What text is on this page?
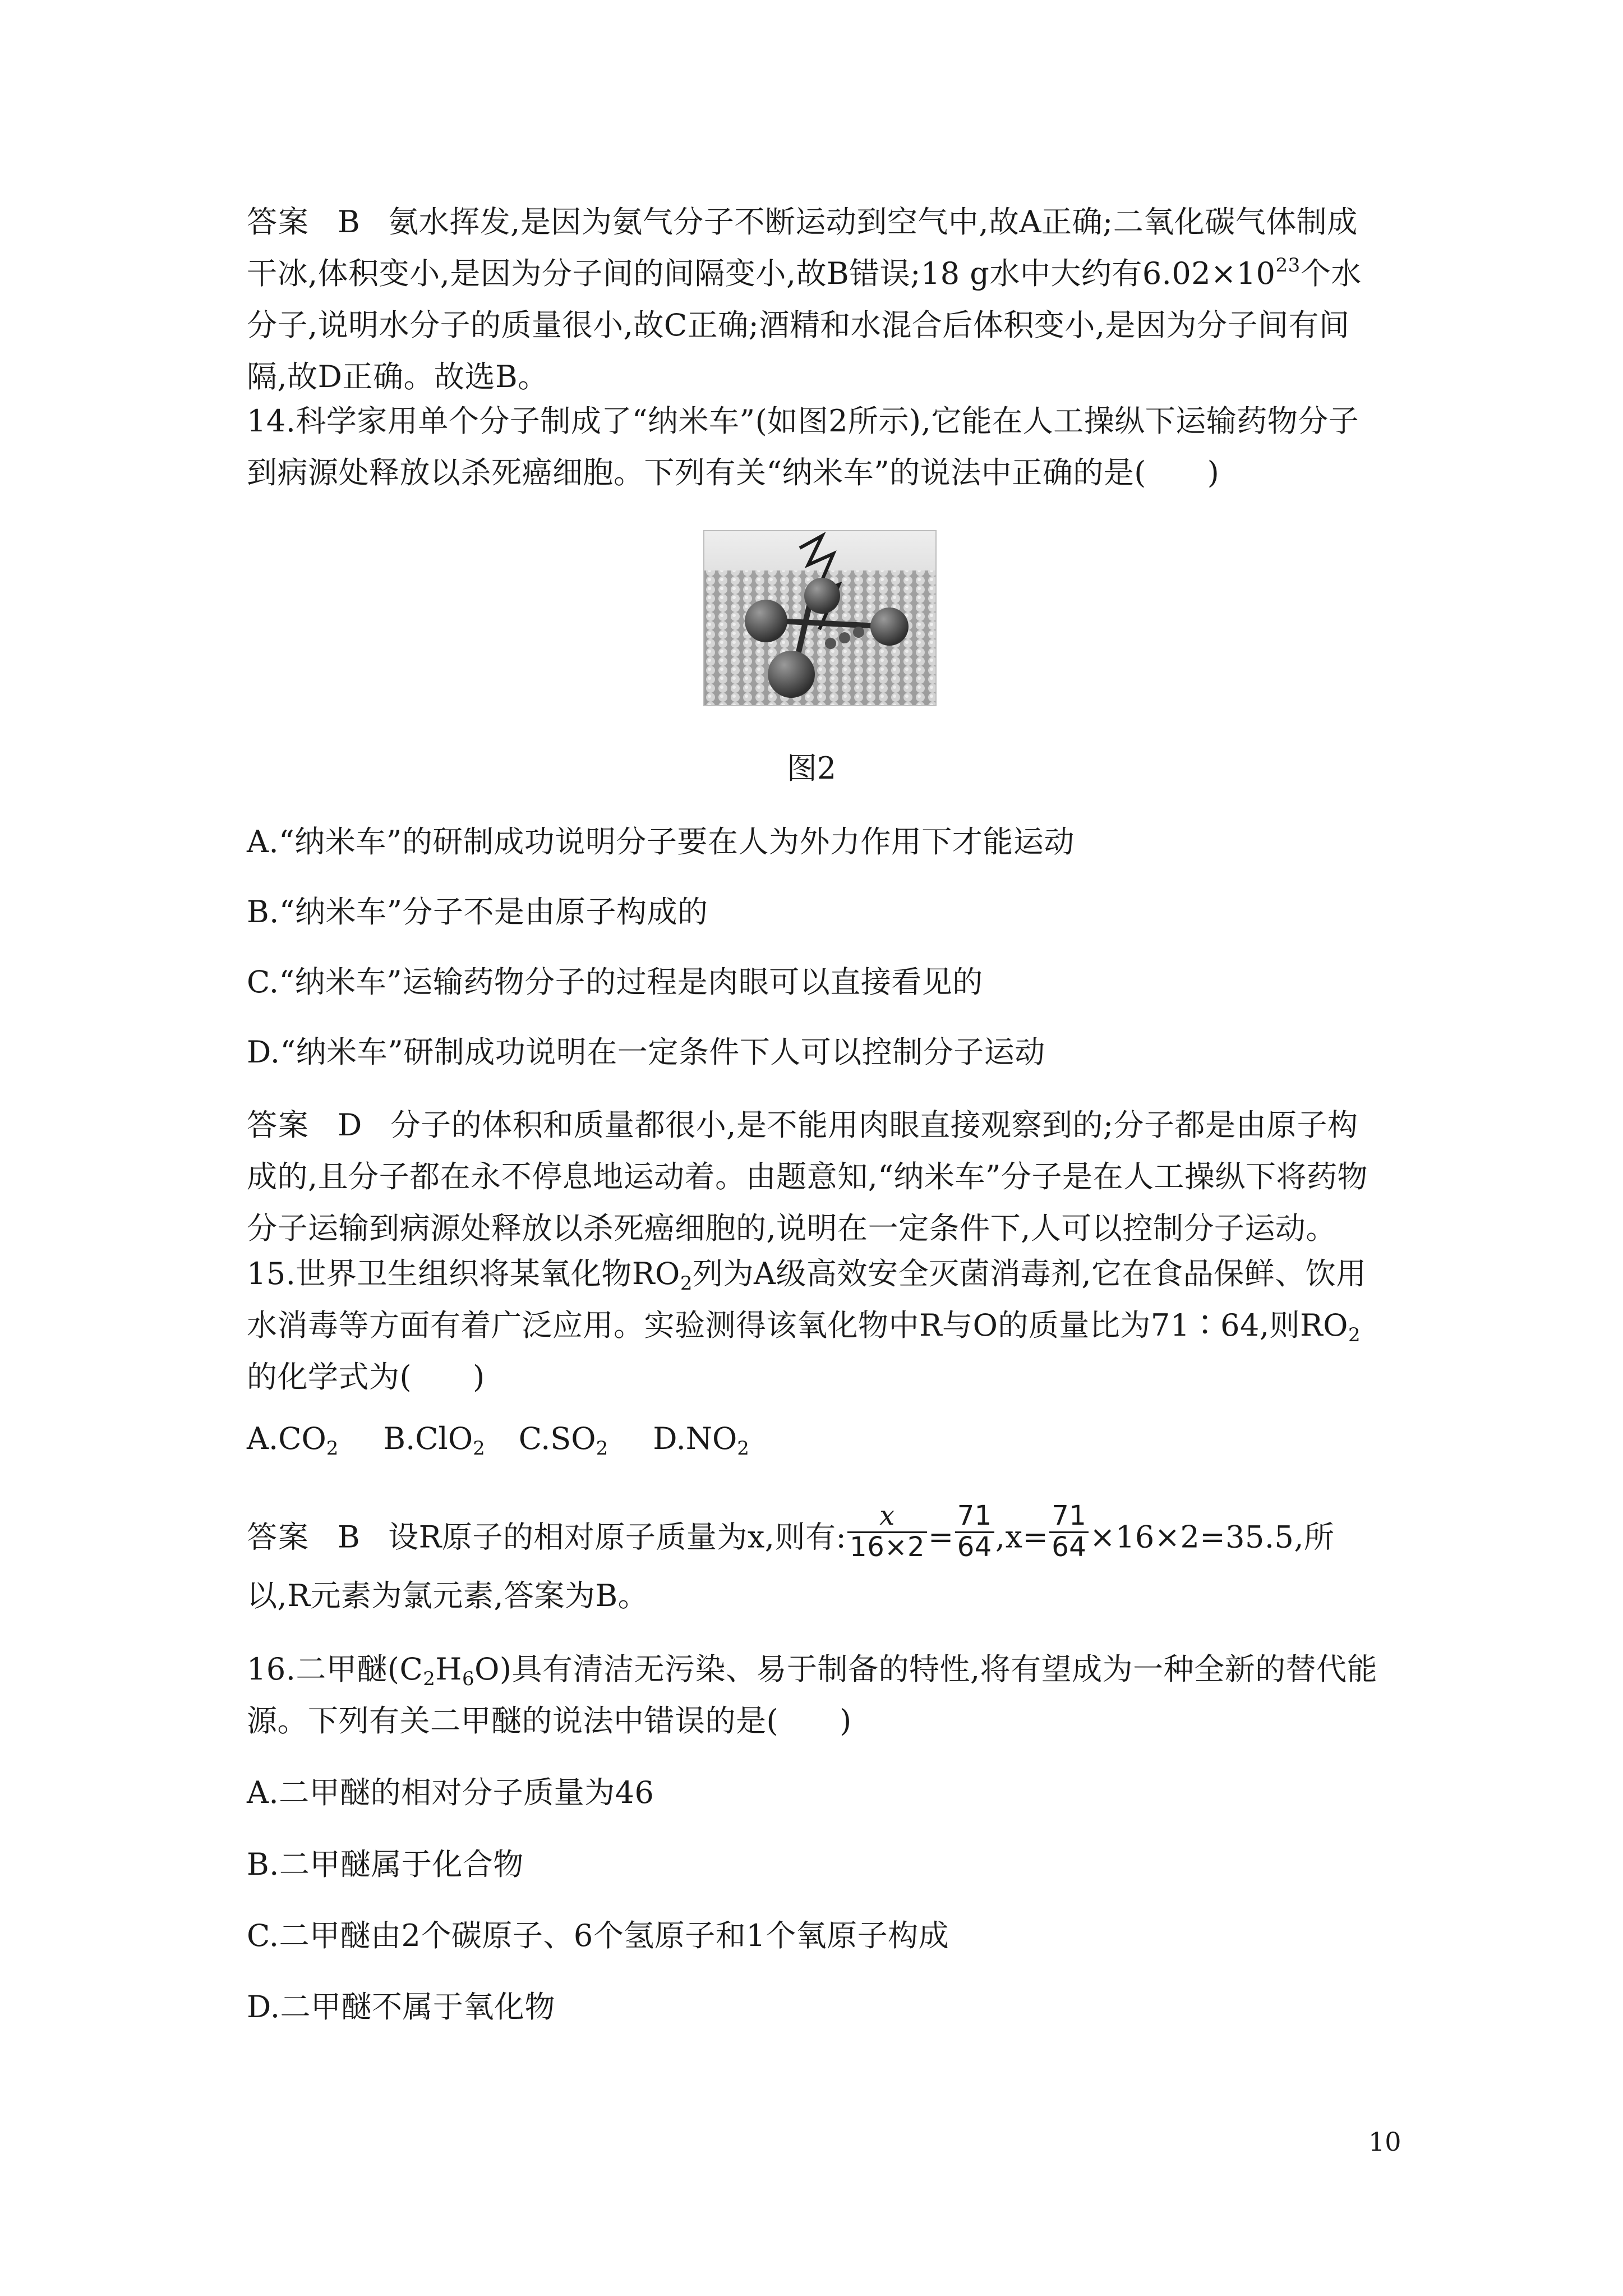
答案 B 氨水挥发,是因为氨气分子不断运动到空气中,故A正确;二氧化碳气体制成干冰,体积变小,是因为分子间的间隔变小,故B错误;18 g水中大约有$6.02\times 10^{23}$个水分子,说明水分子的质量很小,故C正确;酒精和水混合后体积变小,是因为分子间有间隔,故D正确。故选B。

14.科学家用单个分子制成了“纳米车”(如图2所示),它能在人工操纵下运输药物分子到病源处释放以杀死癌细胞。下列有关“纳米车”的说法中正确的是(　　)

图2

A.“纳米车”的研制成功说明分子要在人为外力作用下才能运动

B.“纳米车”分子不是由原子构成的

C.“纳米车”运输药物分子的过程是肉眼可以直接看见的

D.“纳米车”研制成功说明在一定条件下人可以控制分子运动

答案 D 分子的体积和质量都很小,是不能用肉眼直接观察到的;分子都是由原子构成的,且分子都在永不停息地运动着。由题意知,“纳米车”分子是在人工操纵下将药物分子运输到病源处释放以杀死癌细胞的,说明在一定条件下,人可以控制分子运动。

15.世界卫生组织将某氧化物$RO_2$列为A级高效安全灭菌消毒剂,它在食品保鲜、饮用水消毒等方面有着广泛应用。实验测得该氧化物中R与O的质量比为71∶64,则$RO_2$的化学式为(　　)

$A.CO_2$ B.ClO$_2$ $C.SO_2$ $D.NO_2$

答案 B 设R原子的相对原子质量为x,则有: $\frac{x}{16\times 2} = \frac{71}{64} ,x= \frac{71}{64} \times 16\times 2=35.5$,所以,R元素为氯元素,答案为B。

16.二甲醚$(C_2H_6O)$具有清洁无污染、易于制备的特性,将有望成为一种全新的替代能源。下列有关二甲醚的说法中错误的是(　　)

A.二甲醚的相对分子质量为46

B.二甲醚属于化合物

C.二甲醚由2个碳原子、6个氢原子和1个氧原子构成

D.二甲醚不属于氧化物

10
